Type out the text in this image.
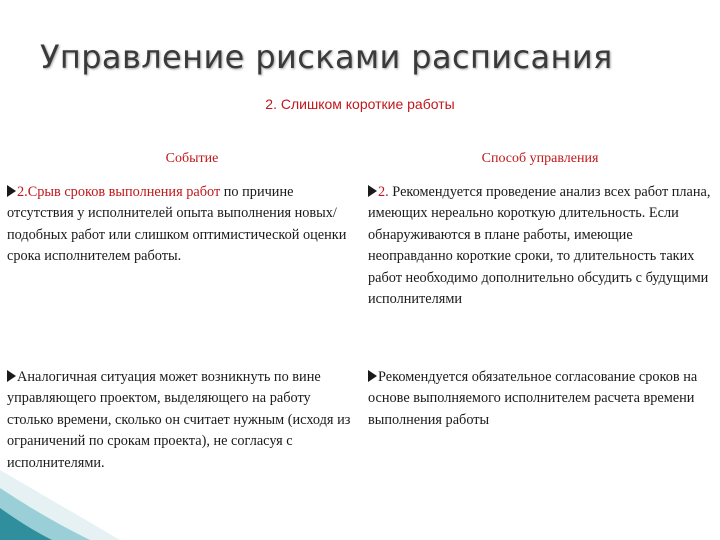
Управление рисками расписания
2. Слишком короткие работы
Событие	Способ управления
2.Срыв сроков выполнения работ по причине отсутствия у исполнителей опыта выполнения новых/подобных работ или слишком оптимистической оценки срока исполнителем работы.
2. Рекомендуется проведение анализ всех работ плана, имеющих нереально короткую длительность. Если обнаруживаются в плане работы, имеющие неоправданно короткие сроки, то длительность таких работ необходимо дополнительно обсудить с будущими исполнителями
Аналогичная ситуация может возникнуть по вине управляющего проектом, выделяющего на работу столько времени, сколько он считает нужным (исходя из ограничений по срокам проекта), не согласуя с исполнителями.
Рекомендуется обязательное согласование сроков на основе выполняемого исполнителем расчета времени выполнения работы
